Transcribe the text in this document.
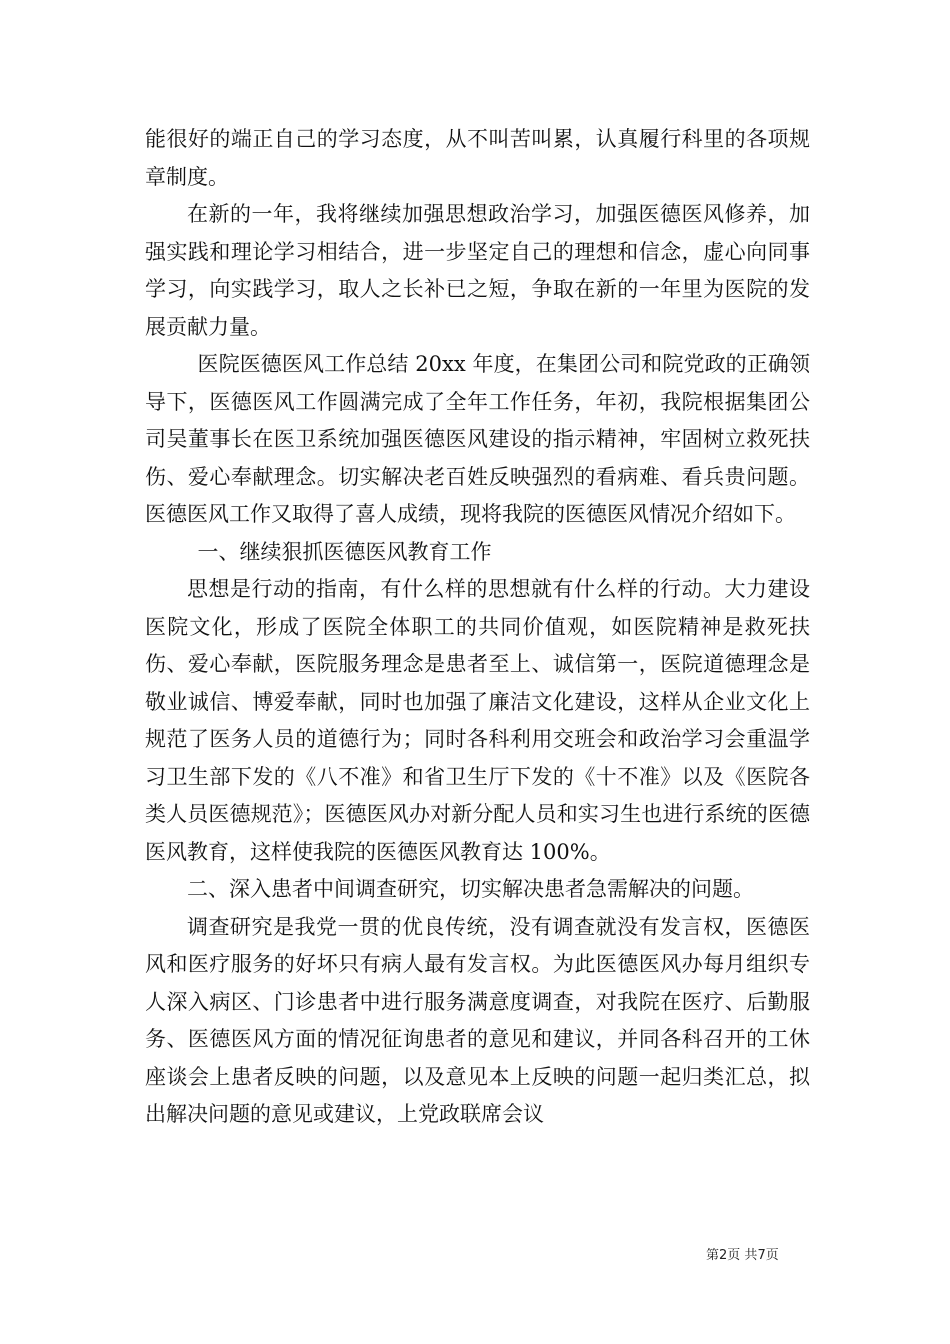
能很好的端正自己的学习态度，从不叫苦叫累，认真履行科里的各项规章制度。

在新的一年，我将继续加强思想政治学习，加强医德医风修养，加强实践和理论学习相结合，进一步坚定自己的理想和信念，虚心向同事学习，向实践学习，取人之长补已之短，争取在新的一年里为医院的发展贡献力量。

医院医德医风工作总结 20xx 年度，在集团公司和院党政的正确领导下，医德医风工作圆满完成了全年工作任务，年初，我院根据集团公司吴董事长在医卫系统加强医德医风建设的指示精神，牢固树立救死扶伤、爱心奉献理念。切实解决老百姓反映强烈的看病难、看兵贵问题。医德医风工作又取得了喜人成绩，现将我院的医德医风情况介绍如下。

一、继续狠抓医德医风教育工作

思想是行动的指南，有什么样的思想就有什么样的行动。大力建设医院文化，形成了医院全体职工的共同价值观，如医院精神是救死扶伤、爱心奉献，医院服务理念是患者至上、诚信第一，医院道德理念是敬业诚信、博爱奉献，同时也加强了廉洁文化建设，这样从企业文化上规范了医务人员的道德行为；同时各科利用交班会和政治学习会重温学习卫生部下发的《八不准》和省卫生厅下发的《十不准》以及《医院各类人员医德规范》；医德医风办对新分配人员和实习生也进行系统的医德医风教育，这样使我院的医德医风教育达 100%。

二、深入患者中间调查研究，切实解决患者急需解决的问题。

调查研究是我党一贯的优良传统，没有调查就没有发言权，医德医风和医疗服务的好坏只有病人最有发言权。为此医德医风办每月组织专人深入病区、门诊患者中进行服务满意度调查，对我院在医疗、后勤服务、医德医风方面的情况征询患者的意见和建议，并同各科召开的工休座谈会上患者反映的问题，以及意见本上反映的问题一起归类汇总，拟出解决问题的意见或建议，上党政联席会议

第2页 共7页
